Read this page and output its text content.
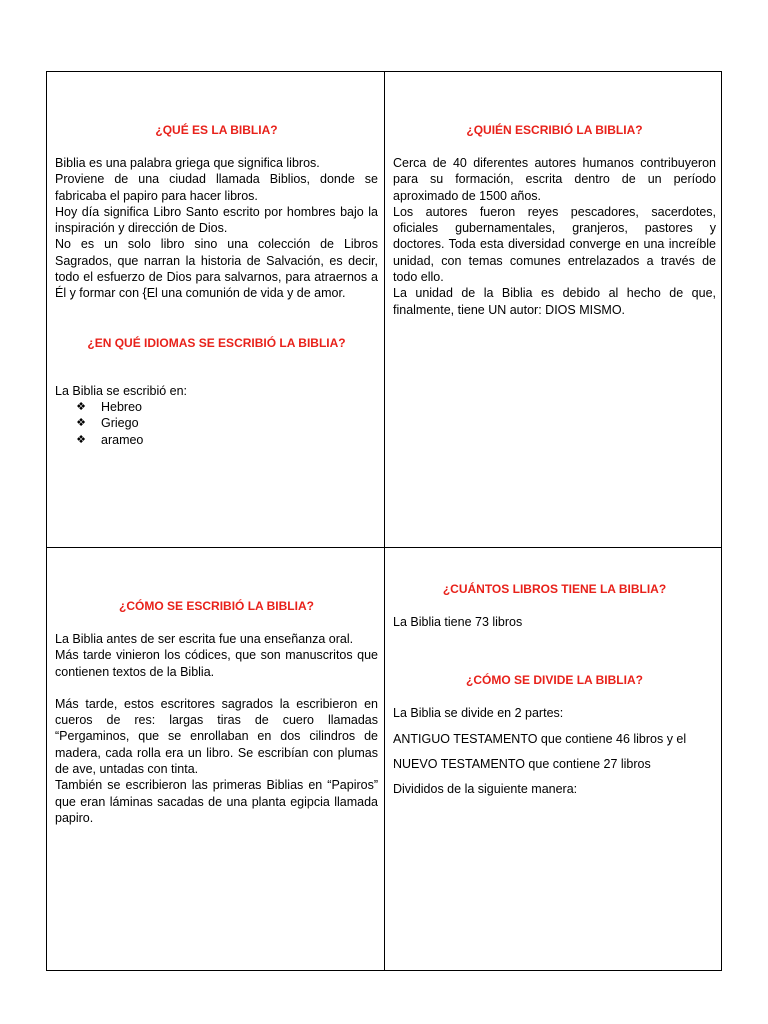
¿QUÉ ES LA BIBLIA?

Biblia es una palabra griega que significa libros.

Proviene de una ciudad llamada Biblios, donde se fabricaba el papiro para hacer libros.

Hoy día significa Libro Santo escrito por hombres bajo la inspiración y dirección de Dios.

No es un solo libro sino una colección de Libros Sagrados, que narran la historia de Salvación, es decir, todo el esfuerzo de Dios para salvarnos, para atraernos a Él y formar con {El una comunión de vida y de amor.

¿EN QUÉ IDIOMAS SE ESCRIBIÓ LA BIBLIA?

La Biblia se escribió en:

❖ Hebreo
❖ Griego
❖ arameo

¿QUIÉN ESCRIBIÓ LA BIBLIA?

Cerca de 40 diferentes autores humanos contribuyeron para su formación, escrita dentro de un período aproximado de 1500 años.

Los autores fueron reyes pescadores, sacerdotes, oficiales gubernamentales, granjeros, pastores y doctores. Toda esta diversidad converge en una increíble unidad, con temas comunes entrelazados a través de todo ello.

La unidad de la Biblia es debido al hecho de que, finalmente, tiene UN autor: DIOS MISMO.

¿CÓMO SE ESCRIBIÓ LA BIBLIA?

La Biblia antes de ser escrita fue una enseñanza oral.

Más tarde vinieron los códices, que son manuscritos que contienen textos de la Biblia.

Más tarde, estos escritores sagrados la escribieron en cueros de res: largas tiras de cuero llamadas “Pergaminos, que se enrollaban en dos cilindros de madera, cada rolla era un libro. Se escribían con plumas de ave, untadas con tinta.

También se escribieron las primeras Biblias en “Papiros” que eran láminas sacadas de una planta egipcia llamada papiro.

¿CUÁNTOS LIBROS TIENE LA BIBLIA?

La Biblia tiene 73 libros

¿CÓMO SE DIVIDE LA BIBLIA?

La Biblia se divide en 2 partes:

ANTIGUO TESTAMENTO que contiene 46 libros y el

NUEVO TESTAMENTO que contiene 27 libros

Divididos de la siguiente manera:
